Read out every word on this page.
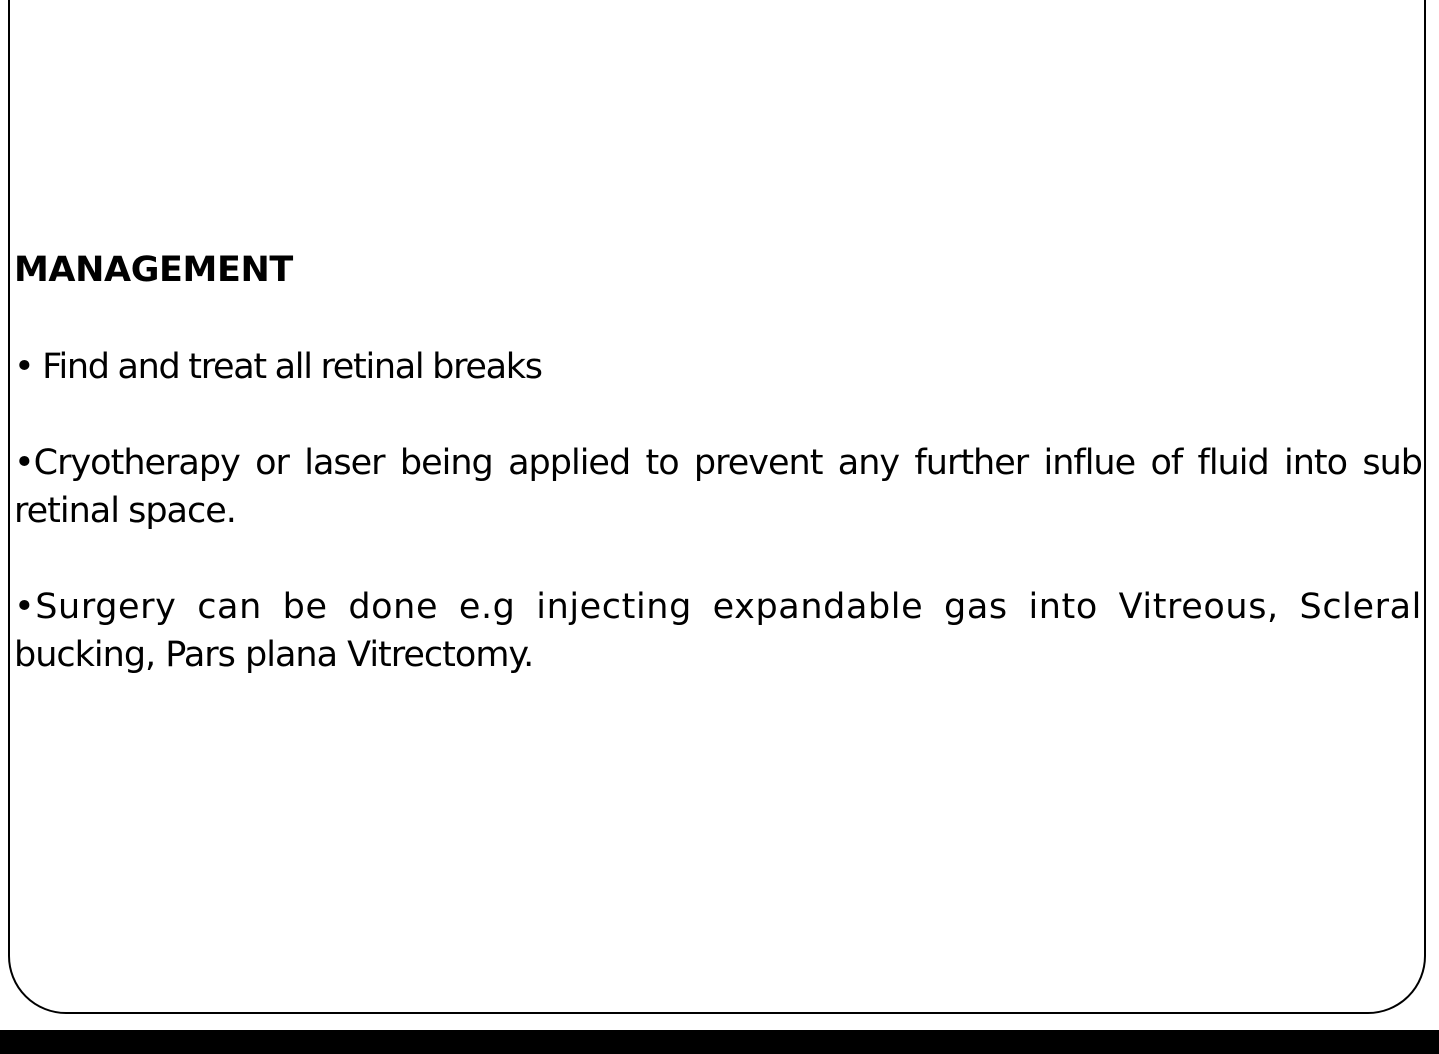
MANAGEMENT

• Find and treat all retinal breaks

•Cryotherapy or laser being applied to prevent any further influe of fluid into sub retinal space.

•Surgery can be done e.g injecting expandable gas into Vitreous, Scleral bucking, Pars plana Vitrectomy.
